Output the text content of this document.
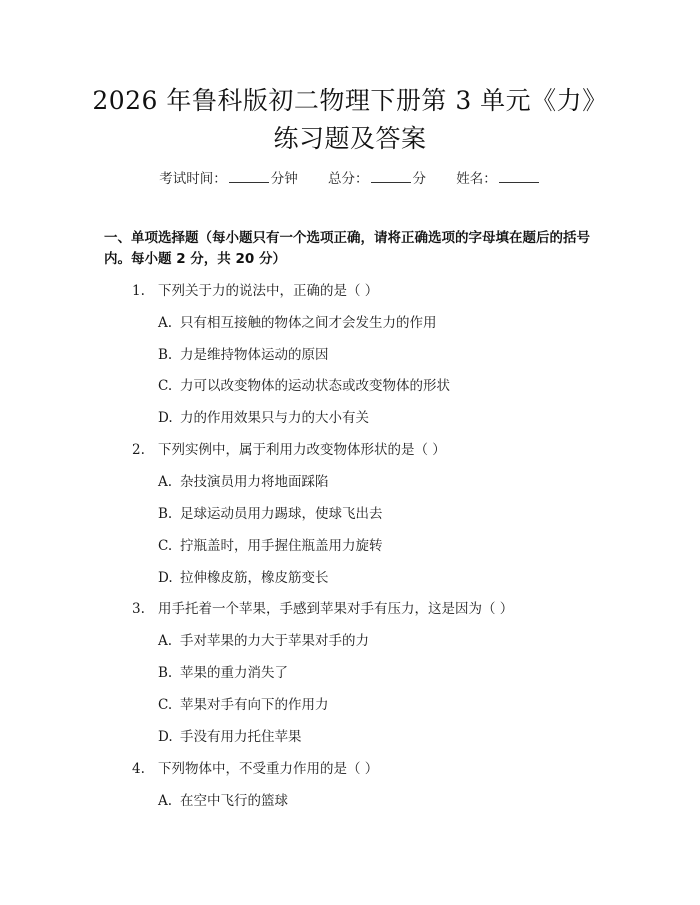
2026 年鲁科版初二物理下册第 3 单元《力》
练习题及答案
考试时间：	分钟 总分：	分 姓名：
一、单项选择题（每小题只有一个选项正确，请将正确选项的字母填在题后的括号内。每小题 2 分，共 20 分）
1. 下列关于力的说法中，正确的是（ ）
A. 只有相互接触的物体之间才会发生力的作用
B. 力是维持物体运动的原因
C. 力可以改变物体的运动状态或改变物体的形状
D. 力的作用效果只与力的大小有关
2. 下列实例中，属于利用力改变物体形状的是（ ）
A. 杂技演员用力将地面踩陷
B. 足球运动员用力踢球，使球飞出去
C. 拧瓶盖时，用手握住瓶盖用力旋转
D. 拉伸橡皮筋，橡皮筋变长
3. 用手托着一个苹果，手感到苹果对手有压力，这是因为（ ）
A. 手对苹果的力大于苹果对手的力
B. 苹果的重力消失了
C. 苹果对手有向下的作用力
D. 手没有用力托住苹果
4. 下列物体中，不受重力作用的是（ ）
A. 在空中飞行的篮球
